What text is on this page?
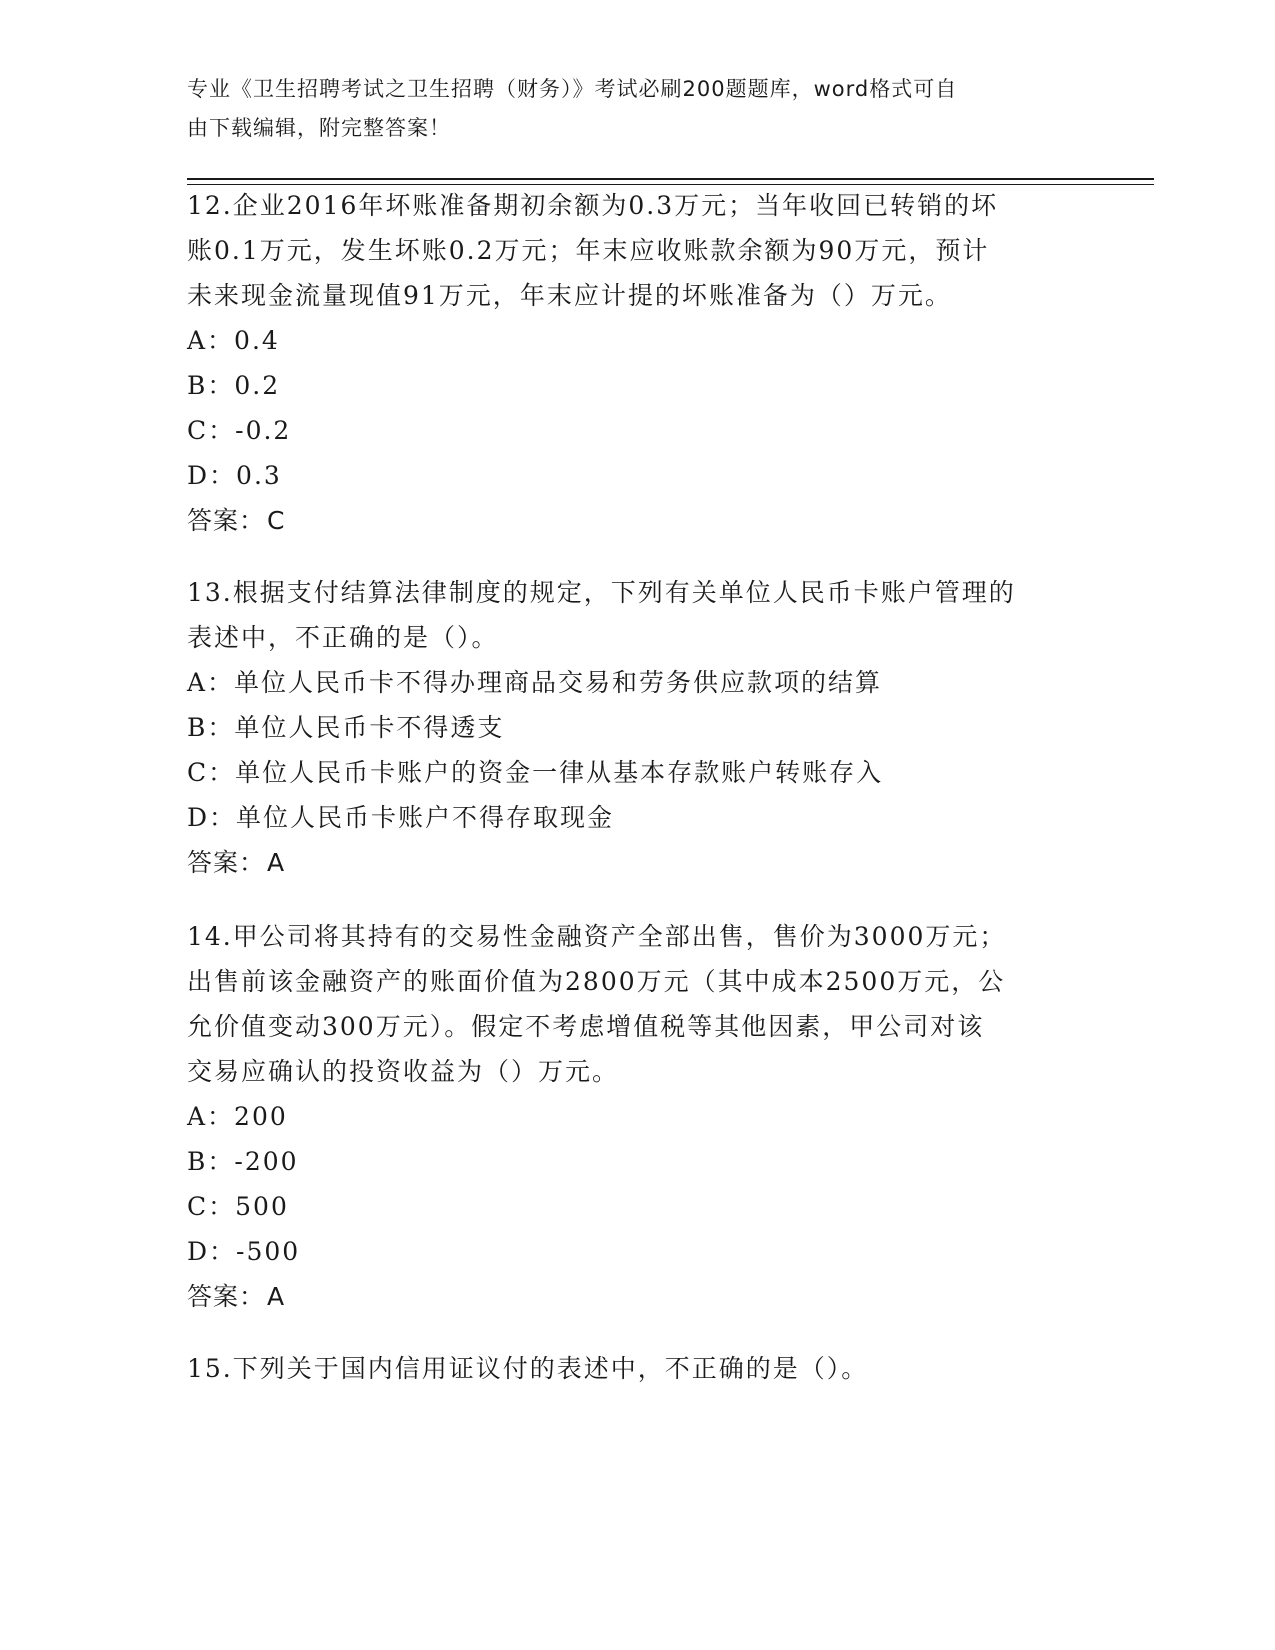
专业《卫生招聘考试之卫生招聘（财务）》考试必刷200题题库，word格式可自
由下载编辑，附完整答案！
12.企业2016年坏账准备期初余额为0.3万元；当年收回已转销的坏
账0.1万元，发生坏账0.2万元；年末应收账款余额为90万元，预计
未来现金流量现值91万元，年末应计提的坏账准备为（）万元。
A：0.4
B：0.2
C：-0.2
D：0.3
答案：C
13.根据支付结算法律制度的规定，下列有关单位人民币卡账户管理的
表述中，不正确的是（）。
A：单位人民币卡不得办理商品交易和劳务供应款项的结算
B：单位人民币卡不得透支
C：单位人民币卡账户的资金一律从基本存款账户转账存入
D：单位人民币卡账户不得存取现金
答案：A
14.甲公司将其持有的交易性金融资产全部出售，售价为3000万元；
出售前该金融资产的账面价值为2800万元（其中成本2500万元，公
允价值变动300万元）。假定不考虑增值税等其他因素，甲公司对该
交易应确认的投资收益为（）万元。
A：200
B：-200
C：500
D：-500
答案：A
15.下列关于国内信用证议付的表述中，不正确的是（）。
